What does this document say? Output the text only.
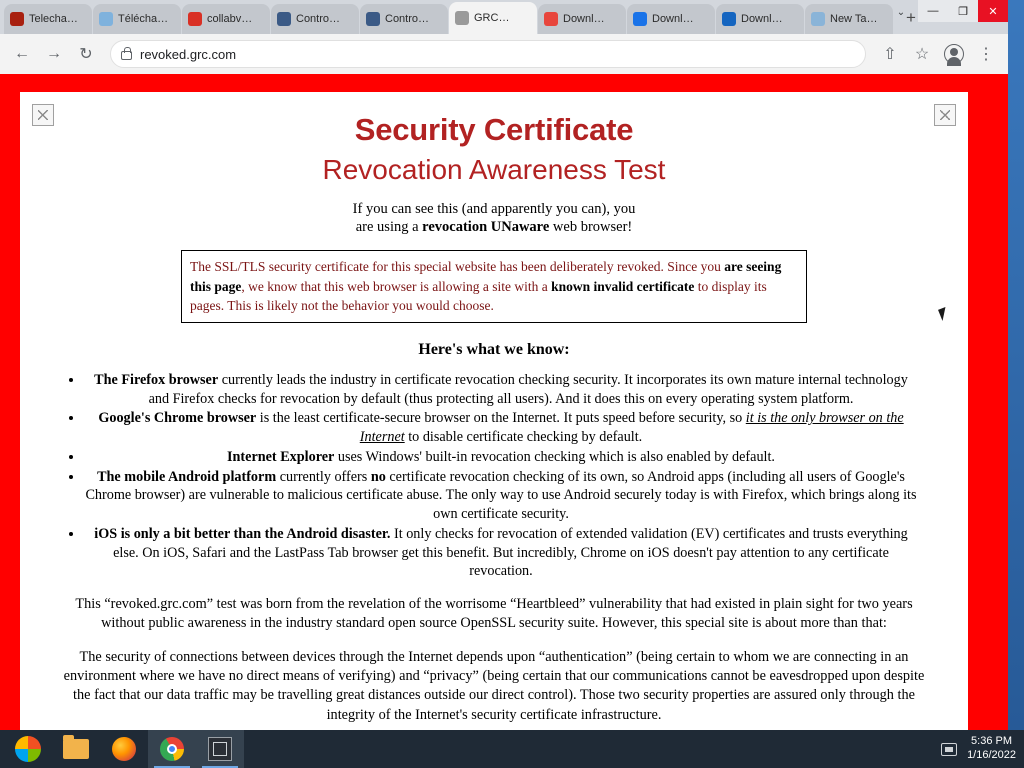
Telecha…	Télécha…	collabv…	Contro…	Contro…	GRC…	Downl…	Downl…	Downl…	New Ta…	+
⌄	—	❐	✕
←	→	↻	revoked.grc.com	⇧	☆	⋮
Security Certificate
Revocation Awareness Test
If you can see this (and apparently you can), you
are using a revocation UNaware web browser!
The SSL/TLS security certificate for this special website has been deliberately revoked. Since you are seeing this page, we know that this web browser is allowing a site with a known invalid certificate to display its pages. This is likely not the behavior you would choose.
Here's what we know:
• The Firefox browser currently leads the industry in certificate revocation checking security. It incorporates its own mature internal technology and Firefox checks for revocation by default (thus protecting all users). And it does this on every operating system platform.
• Google's Chrome browser is the least certificate-secure browser on the Internet. It puts speed before security, so it is the only browser on the Internet to disable certificate checking by default.
• Internet Explorer uses Windows' built-in revocation checking which is also enabled by default.
• The mobile Android platform currently offers no certificate revocation checking of its own, so Android apps (including all users of Google's Chrome browser) are vulnerable to malicious certificate abuse. The only way to use Android securely today is with Firefox, which brings along its own certificate security.
• iOS is only a bit better than the Android disaster. It only checks for revocation of extended validation (EV) certificates and trusts everything else. On iOS, Safari and the LastPass Tab browser get this benefit. But incredibly, Chrome on iOS doesn't pay attention to any certificate revocation.

This “revoked.grc.com” test was born from the revelation of the worrisome “Heartbleed” vulnerability that had existed in plain sight for two years without public awareness in the industry standard open source OpenSSL security suite. However, this special site is about more than that:

The security of connections between devices through the Internet depends upon “authentication” (being certain to whom we are connecting in an environment where we have no direct means of verifying) and “privacy” (being certain that our communications cannot be eavesdropped upon despite the fact that our data traffic may be travelling great distances outside our direct control). Those two security properties are assured only through the integrity of the Internet's security certificate infrastructure.

5:36 PM
1/16/2022
